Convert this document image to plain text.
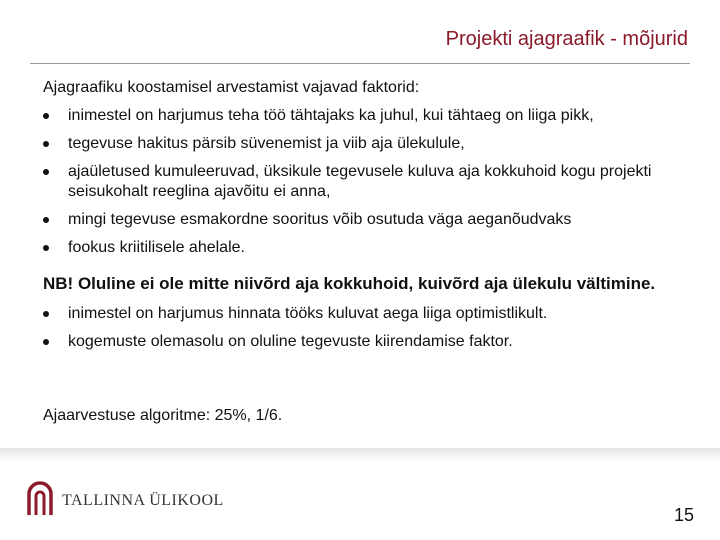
Projekti ajagraafik - mõjurid
Ajagraafiku koostamisel arvestamist vajavad faktorid:
inimestel on harjumus teha töö tähtajaks ka juhul, kui tähtaeg on liiga pikk,
tegevuse hakitus pärsib süvenemist ja viib aja ülekulule,
ajaületused kumuleeruvad, üksikule tegevusele kuluva aja kokkuhoid kogu projekti seisukohalt reeglina ajavõitu ei anna,
mingi tegevuse esmakordne sooritus võib osutuda väga aeganõudvaks
fookus kriitilisele ahelale.
NB! Oluline ei ole mitte niivõrd aja kokkuhoid, kuivõrd aja ülekulu vältimine.
inimestel on harjumus hinnata tööks kuluvat aega liiga optimistlikult.
kogemuste olemasolu on oluline tegevuste kiirendamise faktor.
Ajaarvestuse algoritme: 25%, 1/6.
TALLINNA ÜLIKOOL
15
